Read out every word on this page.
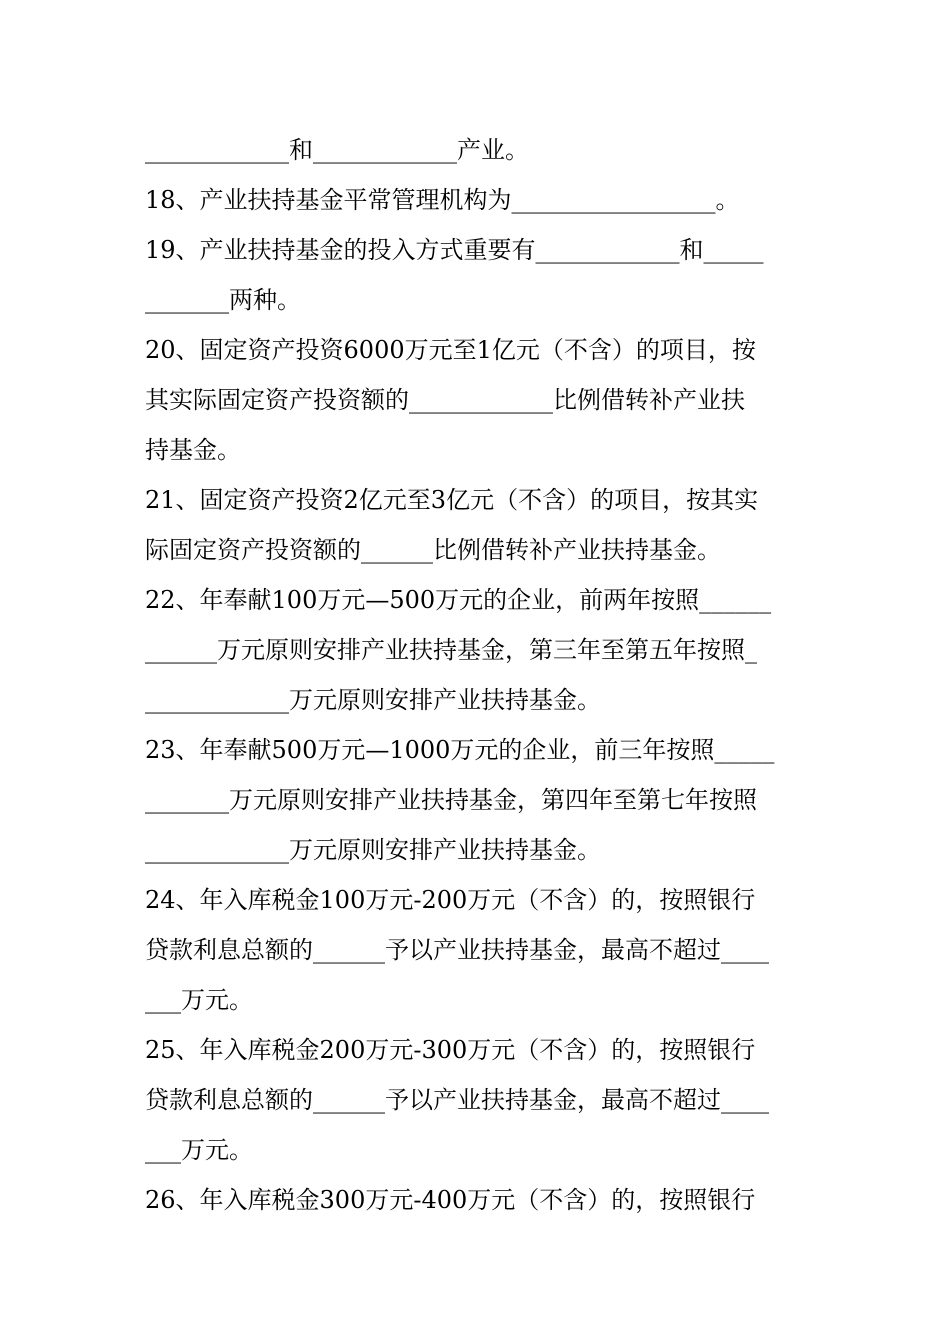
____________和____________产业。
18、产业扶持基金平常管理机构为_________________。
19、产业扶持基金的投入方式重要有____________和_____
_______两种。
20、固定资产投资6000万元至1亿元（不含）的项目，按
其实际固定资产投资额的____________比例借转补产业扶
持基金。
21、固定资产投资2亿元至3亿元（不含）的项目，按其实
际固定资产投资额的______比例借转补产业扶持基金。
22、年奉献100万元—500万元的企业，前两年按照______
______万元原则安排产业扶持基金，第三年至第五年按照_
____________万元原则安排产业扶持基金。
23、年奉献500万元—1000万元的企业，前三年按照_____
_______万元原则安排产业扶持基金，第四年至第七年按照
____________万元原则安排产业扶持基金。
24、年入库税金100万元-200万元（不含）的，按照银行
贷款利息总额的______予以产业扶持基金，最高不超过____
___万元。
25、年入库税金200万元-300万元（不含）的，按照银行
贷款利息总额的______予以产业扶持基金，最高不超过____
___万元。
26、年入库税金300万元-400万元（不含）的，按照银行
